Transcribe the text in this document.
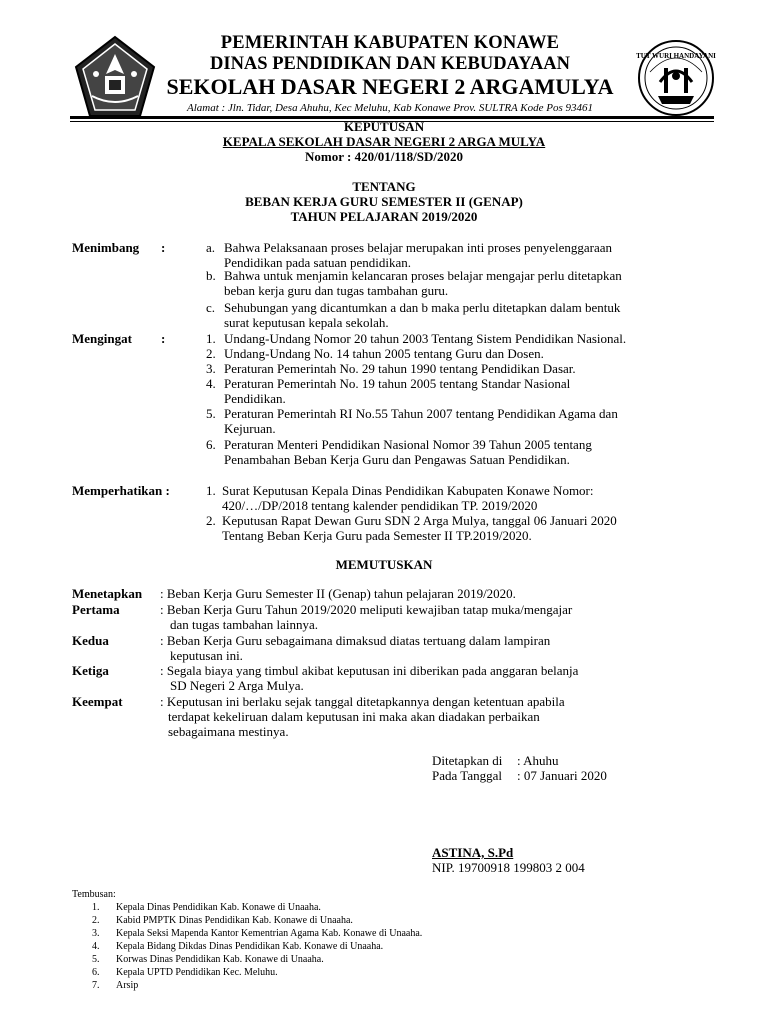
PEMERINTAH KABUPATEN KONAWE
DINAS PENDIDIKAN DAN KEBUDAYAAN
SEKOLAH DASAR NEGERI 2 ARGAMULYA
Alamat : Jln. Tidar, Desa Ahuhu, Kec Meluhu, Kab Konawe Prov. SULTRA Kode Pos 93461
TUT WURI HANDAYANI
KEPUTUSAN
KEPALA SEKOLAH DASAR NEGERI 2 ARGA MULYA
Nomor : 420/01/118/SD/2020
TENTANG
BEBAN KERJA GURU SEMESTER II (GENAP)
TAHUN PELAJARAN 2019/2020
Menimbang :	a. Bahwa Pelaksanaan proses belajar merupakan inti proses penyelenggaraan
Pendidikan pada satuan pendidikan.
b. Bahwa untuk menjamin kelancaran proses belajar mengajar perlu ditetapkan
beban kerja guru dan tugas tambahan guru.
c. Sehubungan yang dicantumkan a dan b maka perlu ditetapkan dalam bentuk
surat keputusan kepala sekolah.
Mengingat :	1. Undang-Undang Nomor 20 tahun 2003 Tentang Sistem Pendidikan Nasional.
2. Undang-Undang No. 14 tahun 2005 tentang Guru dan Dosen.
3. Peraturan Pemerintah No. 29 tahun 1990 tentang Pendidikan Dasar.
4. Peraturan Pemerintah No. 19 tahun 2005 tentang Standar Nasional
Pendidikan.
5. Peraturan Pemerintah RI No.55 Tahun 2007 tentang Pendidikan Agama dan
Kejuruan.
6. Peraturan Menteri Pendidikan Nasional Nomor 39 Tahun 2005 tentang
Penambahan Beban Kerja Guru dan Pengawas Satuan Pendidikan.
Memperhatikan :	1. Surat Keputusan Kepala Dinas Pendidikan Kabupaten Konawe Nomor:
420/…/DP/2018 tentang kalender pendidikan TP. 2019/2020
2. Keputusan Rapat Dewan Guru SDN 2 Arga Mulya, tanggal 06 Januari 2020
Tentang Beban Kerja Guru pada Semester II TP.2019/2020.
MEMUTUSKAN
Menetapkan : Beban Kerja Guru Semester II (Genap) tahun pelajaran 2019/2020.
Pertama	: Beban Kerja Guru Tahun 2019/2020 meliputi kewajiban tatap muka/mengajar
dan tugas tambahan lainnya.
Kedua	: Beban Kerja Guru sebagaimana dimaksud diatas tertuang dalam lampiran
keputusan ini.
Ketiga	: Segala biaya yang timbul akibat keputusan ini diberikan pada anggaran belanja
SD Negeri 2 Arga Mulya.
Keempat	: Keputusan ini berlaku sejak tanggal ditetapkannya dengan ketentuan apabila
terdapat kekeliruan dalam keputusan ini maka akan diadakan perbaikan
sebagaimana mestinya.
Ditetapkan di : Ahuhu
Pada Tanggal : 07 Januari 2020
ASTINA, S.Pd
NIP. 19700918 199803 2 004
Tembusan:
1. Kepala Dinas Pendidikan Kab. Konawe di Unaaha.
2. Kabid PMPTK Dinas Pendidikan Kab. Konawe di Unaaha.
3. Kepala Seksi Mapenda Kantor Kementrian Agama Kab. Konawe di Unaaha.
4. Kepala Bidang Dikdas Dinas Pendidikan Kab. Konawe di Unaaha.
5. Korwas Dinas Pendidikan Kab. Konawe di Unaaha.
6. Kepala UPTD Pendidikan Kec. Meluhu.
7. Arsip
